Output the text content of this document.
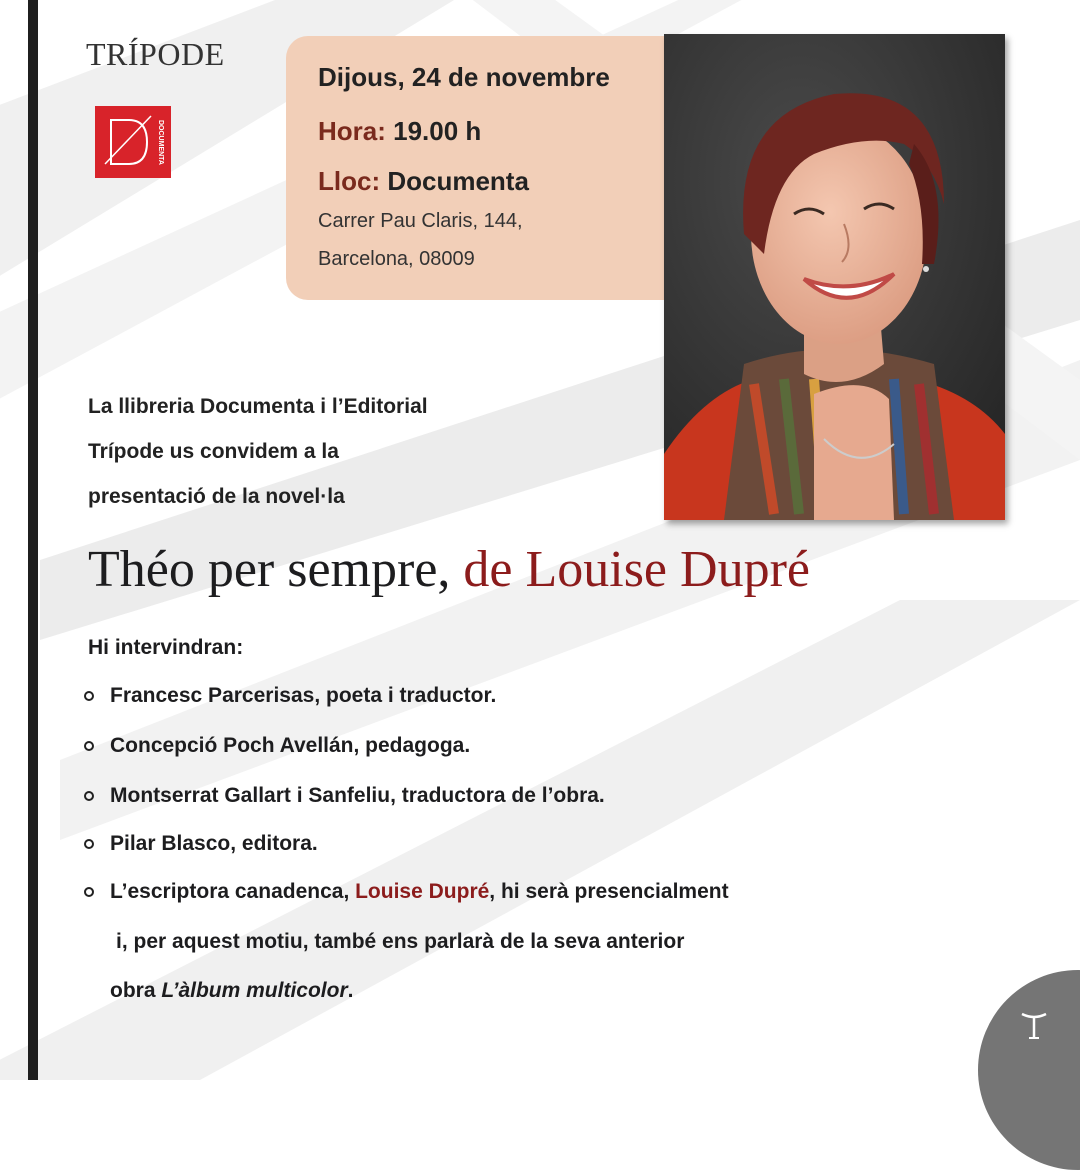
TRÍPODE
DOCUMENTA
Dijous, 24 de novembre
Hora: 19.00 h
Lloc: Documenta
Carrer Pau Claris, 144,
Barcelona, 08009
La llibreria Documenta i l’Editorial
Trípode us convidem a la
presentació de la novel·la
Théo per sempre, de Louise Dupré
Hi intervindran:
Francesc Parcerisas, poeta i traductor.
Concepció Poch Avellán, pedagoga.
Montserrat Gallart i Sanfeliu, traductora de l’obra.
Pilar Blasco, editora.
L’escriptora canadenca, Louise Dupré, hi serà presencialment
i, per aquest motiu, també ens parlarà de la seva anterior
obra L’àlbum multicolor.
